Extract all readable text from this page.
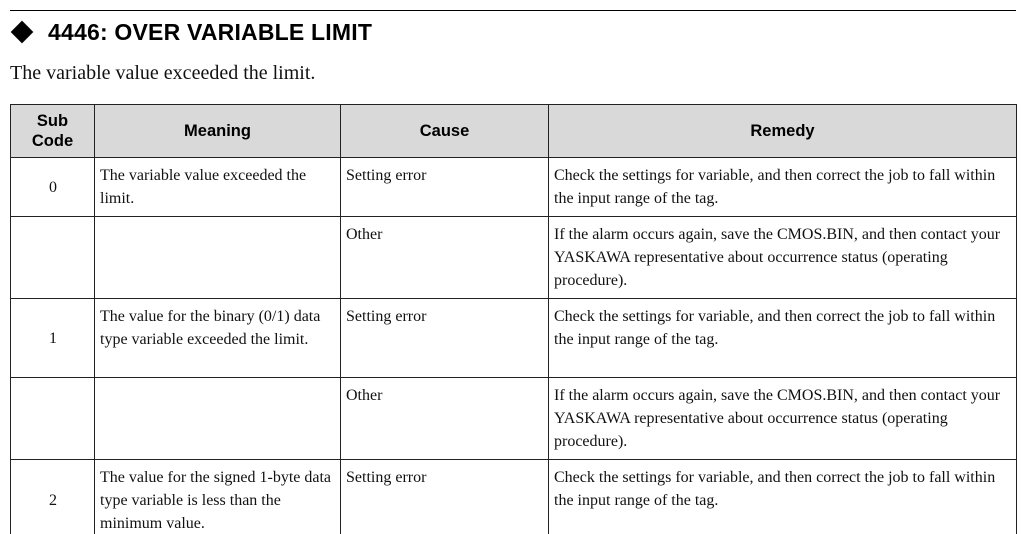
4446: OVER VARIABLE LIMIT
The variable value exceeded the limit.
Sub Code	Meaning	Cause	Remedy
0	The variable value exceeded the limit.	Setting error	Check the settings for variable, and then correct the job to fall within the input range of the tag.
		Other	If the alarm occurs again, save the CMOS.BIN, and then contact your YASKAWA representative about occurrence status (operating procedure).
1	The value for the binary (0/1) data type variable exceeded the limit.	Setting error	Check the settings for variable, and then correct the job to fall within the input range of the tag.
		Other	If the alarm occurs again, save the CMOS.BIN, and then contact your YASKAWA representative about occurrence status (operating procedure).
2	The value for the signed 1-byte data type variable is less than the minimum value.	Setting error	Check the settings for variable, and then correct the job to fall within the input range of the tag.
